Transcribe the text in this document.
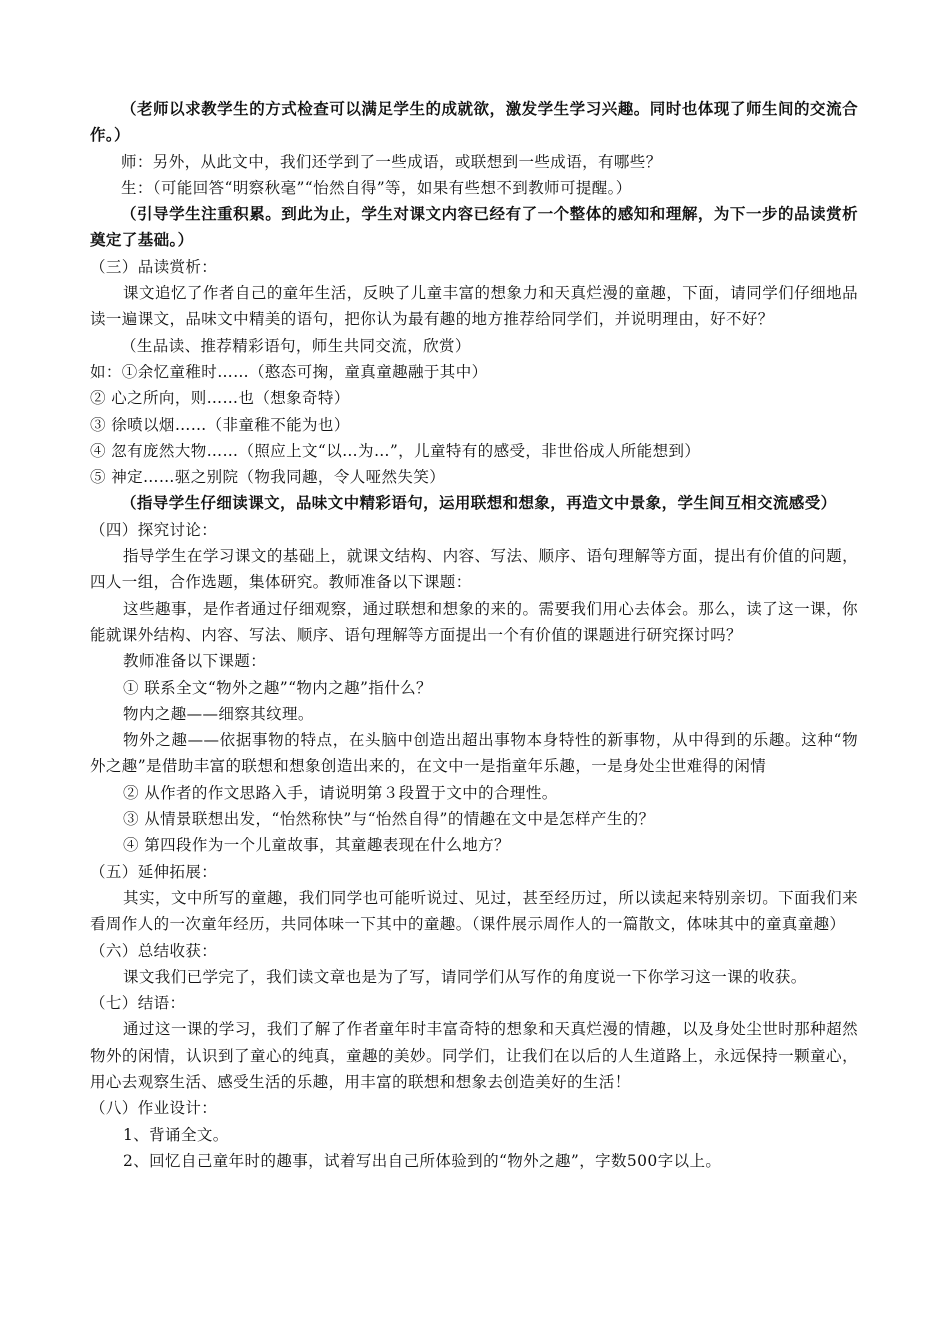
（老师以求教学生的方式检查可以满足学生的成就欲，激发学生学习兴趣。同时也体现了师生间的交流合作。）

师：另外，从此文中，我们还学到了一些成语，或联想到一些成语，有哪些？

生：（可能回答“明察秋毫”“怡然自得”等，如果有些想不到教师可提醒。）

（引导学生注重积累。到此为止，学生对课文内容已经有了一个整体的感知和理解，为下一步的品读赏析奠定了基础。）

（三）品读赏析：

课文追忆了作者自己的童年生活，反映了儿童丰富的想象力和天真烂漫的童趣，下面，请同学们仔细地品读一遍课文，品味文中精美的语句，把你认为最有趣的地方推荐给同学们，并说明理由，好不好？

（生品读、推荐精彩语句，师生共同交流，欣赏）

如：①余忆童稚时……（憨态可掬，童真童趣融于其中）

② 心之所向，则……也（想象奇特）

③ 徐喷以烟……（非童稚不能为也）

④ 忽有庞然大物……（照应上文“以…为…”，儿童特有的感受，非世俗成人所能想到）

⑤ 神定……驱之别院（物我同趣，令人哑然失笑）

（指导学生仔细读课文，品味文中精彩语句，运用联想和想象，再造文中景象，学生间互相交流感受）

（四）探究讨论：

指导学生在学习课文的基础上，就课文结构、内容、写法、顺序、语句理解等方面，提出有价值的问题， 四人一组，合作选题，集体研究。教师准备以下课题：

这些趣事，是作者通过仔细观察，通过联想和想象的来的。需要我们用心去体会。那么，读了这一课，你能就课外结构、内容、写法、顺序、语句理解等方面提出一个有价值的课题进行研究探讨吗？

教师准备以下课题：

① 联系全文“物外之趣”“物内之趣”指什么？

物内之趣——细察其纹理。

物外之趣——依据事物的特点，在头脑中创造出超出事物本身特性的新事物，从中得到的乐趣。这种“物外之趣”是借助丰富的联想和想象创造出来的，在文中一是指童年乐趣，一是身处尘世难得的闲情

② 从作者的作文思路入手，请说明第３段置于文中的合理性。

③ 从情景联想出发，“怡然称快”与“怡然自得”的情趣在文中是怎样产生的？

④ 第四段作为一个儿童故事，其童趣表现在什么地方？

（五）延伸拓展：

其实，文中所写的童趣，我们同学也可能听说过、见过，甚至经历过，所以读起来特别亲切。下面我们来看周作人的一次童年经历，共同体味一下其中的童趣。（课件展示周作人的一篇散文，体味其中的童真童趣）

（六）总结收获：

课文我们已学完了，我们读文章也是为了写，请同学们从写作的角度说一下你学习这一课的收获。

（七）结语：

通过这一课的学习，我们了解了作者童年时丰富奇特的想象和天真烂漫的情趣，以及身处尘世时那种超然物外的闲情，认识到了童心的纯真，童趣的美妙。同学们，让我们在以后的人生道路上，永远保持一颗童心，用心去观察生活、感受生活的乐趣，用丰富的联想和想象去创造美好的生活！

（八）作业设计：

1、背诵全文。

2、回忆自己童年时的趣事，试着写出自己所体验到的“物外之趣”，字数500字以上。
